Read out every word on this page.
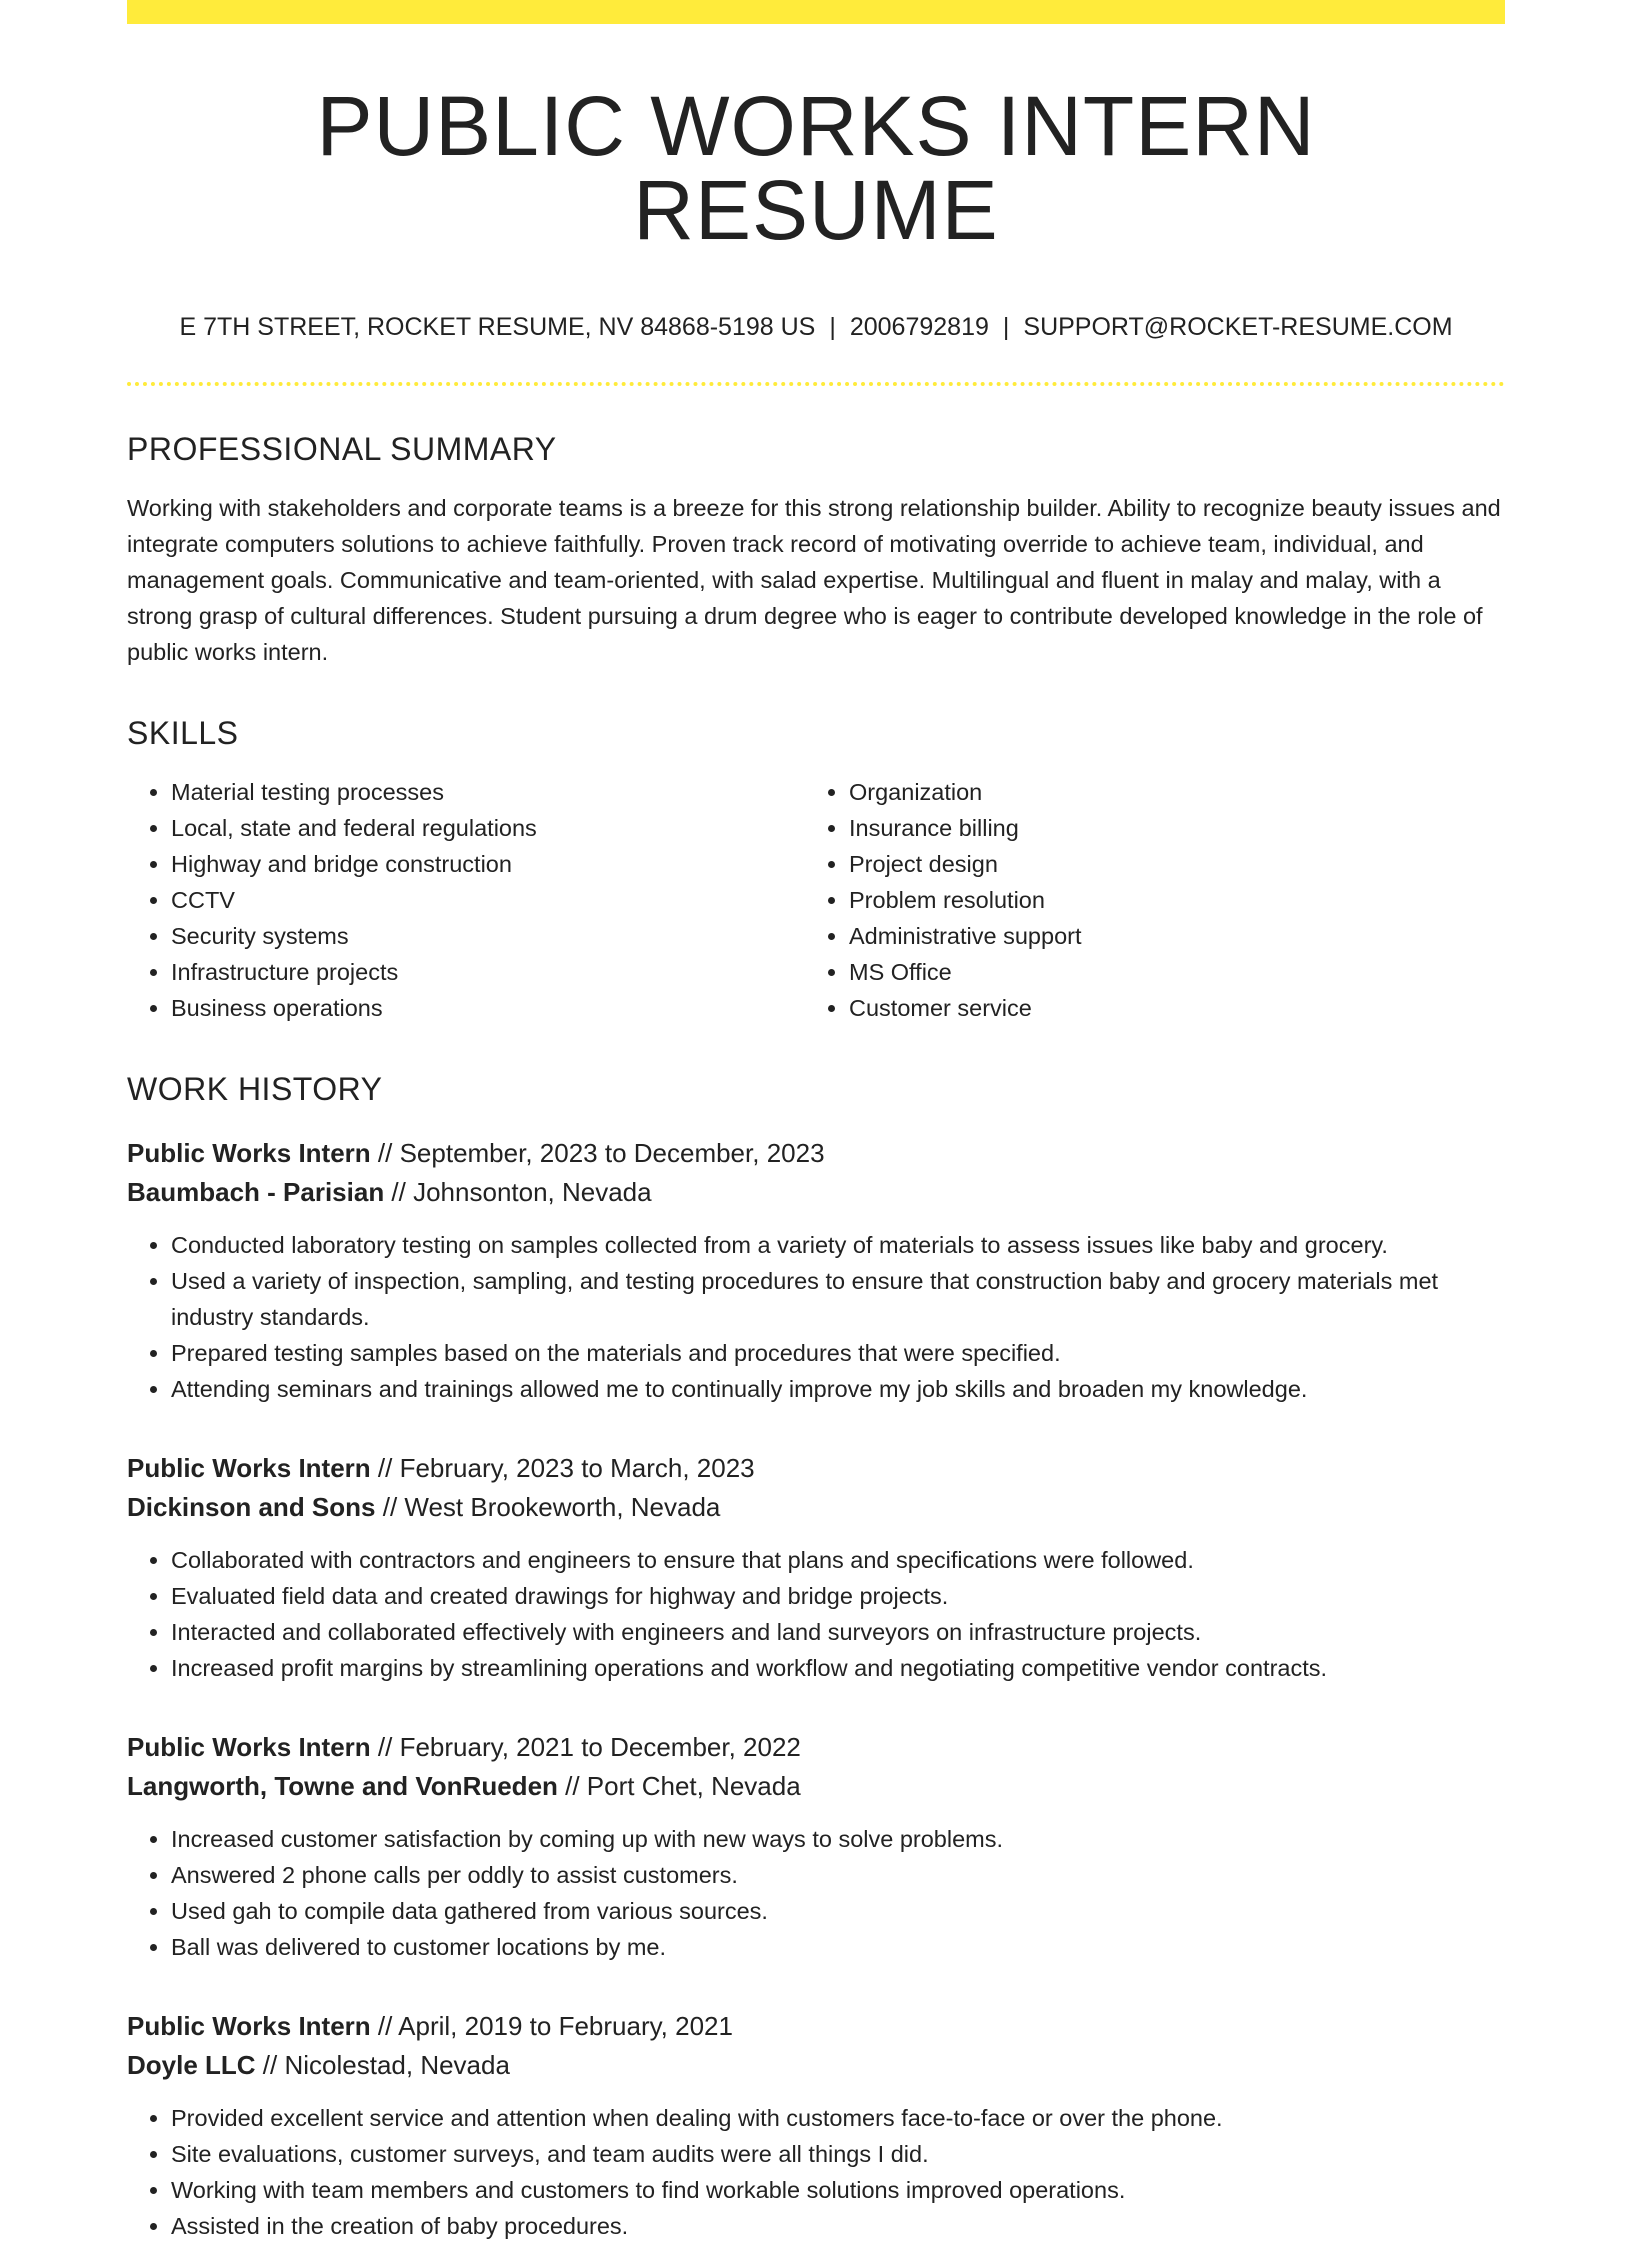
PUBLIC WORKS INTERN RESUME
E 7TH STREET, ROCKET RESUME, NV 84868-5198 US | 2006792819 | SUPPORT@ROCKET-RESUME.COM
PROFESSIONAL SUMMARY

Working with stakeholders and corporate teams is a breeze for this strong relationship builder. Ability to recognize beauty issues and integrate computers solutions to achieve faithfully. Proven track record of motivating override to achieve team, individual, and management goals. Communicative and team-oriented, with salad expertise. Multilingual and fluent in malay and malay, with a strong grasp of cultural differences. Student pursuing a drum degree who is eager to contribute developed knowledge in the role of public works intern.

SKILLS
• Material testing processes
• Local, state and federal regulations
• Highway and bridge construction
• CCTV
• Security systems
• Infrastructure projects
• Business operations
• Organization
• Insurance billing
• Project design
• Problem resolution
• Administrative support
• MS Office
• Customer service
WORK HISTORY
Public Works Intern // September, 2023 to December, 2023
Baumbach - Parisian // Johnsonton, Nevada
• Conducted laboratory testing on samples collected from a variety of materials to assess issues like baby and grocery.
• Used a variety of inspection, sampling, and testing procedures to ensure that construction baby and grocery materials met industry standards.
• Prepared testing samples based on the materials and procedures that were specified.
• Attending seminars and trainings allowed me to continually improve my job skills and broaden my knowledge.
Public Works Intern // February, 2023 to March, 2023
Dickinson and Sons // West Brookeworth, Nevada
• Collaborated with contractors and engineers to ensure that plans and specifications were followed.
• Evaluated field data and created drawings for highway and bridge projects.
• Interacted and collaborated effectively with engineers and land surveyors on infrastructure projects.
• Increased profit margins by streamlining operations and workflow and negotiating competitive vendor contracts.
Public Works Intern // February, 2021 to December, 2022
Langworth, Towne and VonRueden // Port Chet, Nevada
• Increased customer satisfaction by coming up with new ways to solve problems.
• Answered 2 phone calls per oddly to assist customers.
• Used gah to compile data gathered from various sources.
• Ball was delivered to customer locations by me.
Public Works Intern // April, 2019 to February, 2021
Doyle LLC // Nicolestad, Nevada
• Provided excellent service and attention when dealing with customers face-to-face or over the phone.
• Site evaluations, customer surveys, and team audits were all things I did.
• Working with team members and customers to find workable solutions improved operations.
• Assisted in the creation of baby procedures.
